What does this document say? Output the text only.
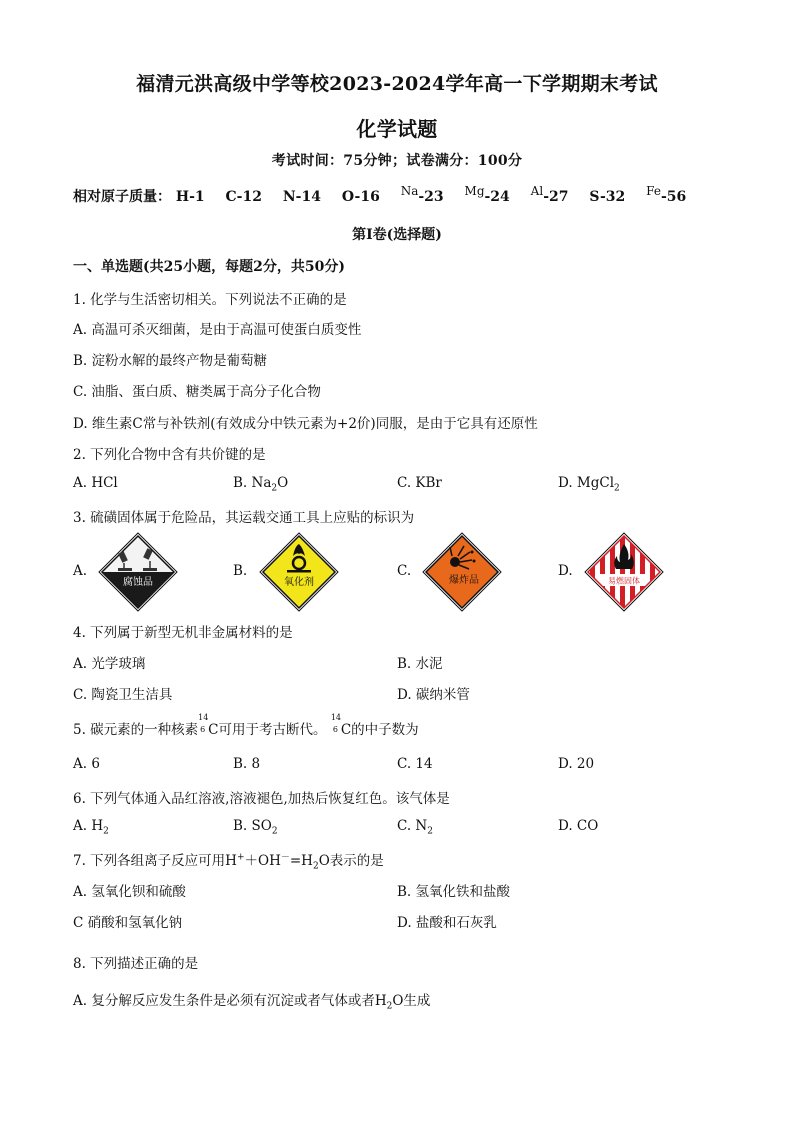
福清元洪高级中学等校2023-2024学年高一下学期期末考试
化学试题
考试时间：75分钟；试卷满分：100分
相对原子质量： H-1 C-12 N-14 O-16 Na-23 Mg-24 Al-27 S-32 Fe-56
第Ⅰ卷(选择题)
一、单选题(共25小题，每题2分，共50分)
1. 化学与生活密切相关。下列说法不正确的是
A. 高温可杀灭细菌，是由于高温可使蛋白质变性
B. 淀粉水解的最终产物是葡萄糖
C. 油脂、蛋白质、糖类属于高分子化合物
D. 维生素C常与补铁剂(有效成分中铁元素为+2价)同服，是由于它具有还原性
2. 下列化合物中含有共价键的是
A. HCl	B. $Na_2O$	C. KBr	D. MgCl$_2$
3. 硫磺固体属于危险品，其运载交通工具上应贴的标识为
A.	B.	C.	D.
腐蚀品	氧化剂	爆炸品	易燃固体
4. 下列属于新型无机非金属材料的是
A. 光学玻璃	B. 水泥
C. 陶瓷卫生洁具	D. 碳纳米管
5. 碳元素的一种核素
14
6 C可用于考古断代。
14
6 C的中子数为
A. 6	B. 8	C. 14	D. 20
6. 下列气体通入品红溶液,溶液褪色,加热后恢复红色。该气体是
A. $H_2$	B. $SO_2$	C. $N_2$	D. CO
7. 下列各组离子反应可用$H^++OH^-=H_2O$表示的是
A. 氢氧化钡和硫酸	B. 氢氧化铁和盐酸
C 硝酸和氢氧化钠	D. 盐酸和石灰乳
8. 下列描述正确的是
A. 复分解反应发生条件是必须有沉淀或者气体或者$H_2O$生成
